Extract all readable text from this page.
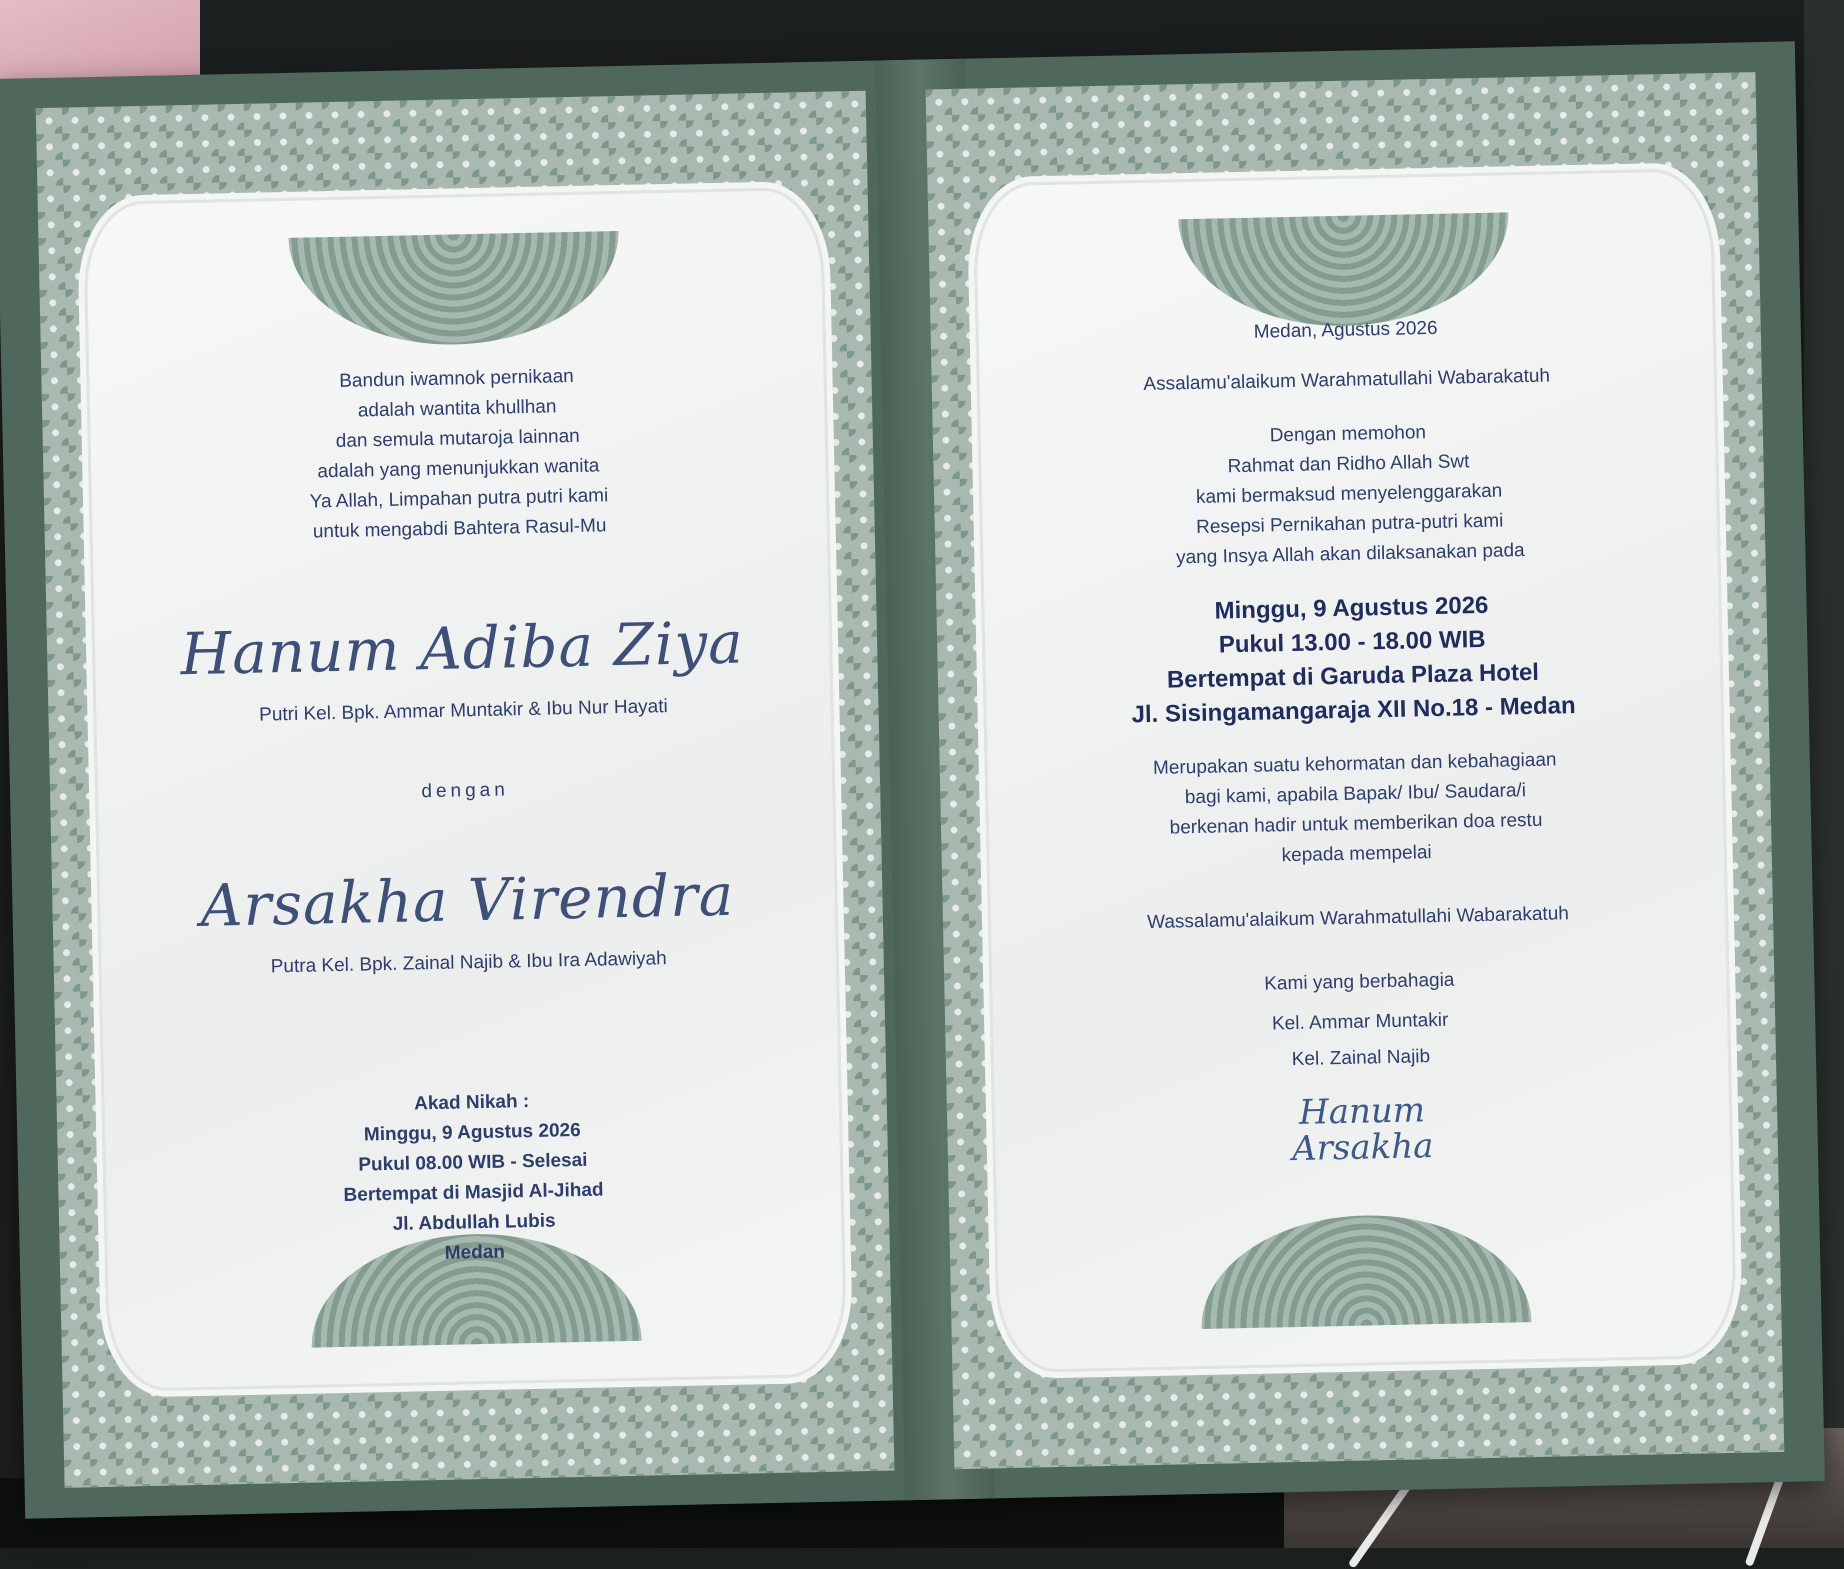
Bandun iwamnok pernikaan

adalah wantita khullhan

dan semula mutaroja lainnan

adalah yang menunjukkan wanita

Ya Allah, Limpahan putra putri kami

untuk mengabdi Bahtera Rasul-Mu

Hanum Adiba Ziya

Putri Kel. Bpk. Ammar Muntakir & Ibu Nur Hayati

dengan

Arsakha Virendra

Putra Kel. Bpk. Zainal Najib & Ibu Ira Adawiyah

Akad Nikah :

Minggu, 9 Agustus 2026

Pukul 08.00 WIB - Selesai

Bertempat di Masjid Al-Jihad

Jl. Abdullah Lubis

Medan

Medan, Agustus 2026

Assalamu'alaikum Warahmatullahi Wabarakatuh

Dengan memohon

Rahmat dan Ridho Allah Swt

kami bermaksud menyelenggarakan

Resepsi Pernikahan putra-putri kami

yang Insya Allah akan dilaksanakan pada

Minggu, 9 Agustus 2026

Pukul 13.00 - 18.00 WIB

Bertempat di Garuda Plaza Hotel

Jl. Sisingamangaraja XII No.18 - Medan

Merupakan suatu kehormatan dan kebahagiaan

bagi kami, apabila Bapak/ Ibu/ Saudara/i

berkenan hadir untuk memberikan doa restu

kepada mempelai

Wassalamu'alaikum Warahmatullahi Wabarakatuh

Kami yang berbahagia

Kel. Ammar Muntakir

Kel. Zainal Najib

Hanum

Arsakha
